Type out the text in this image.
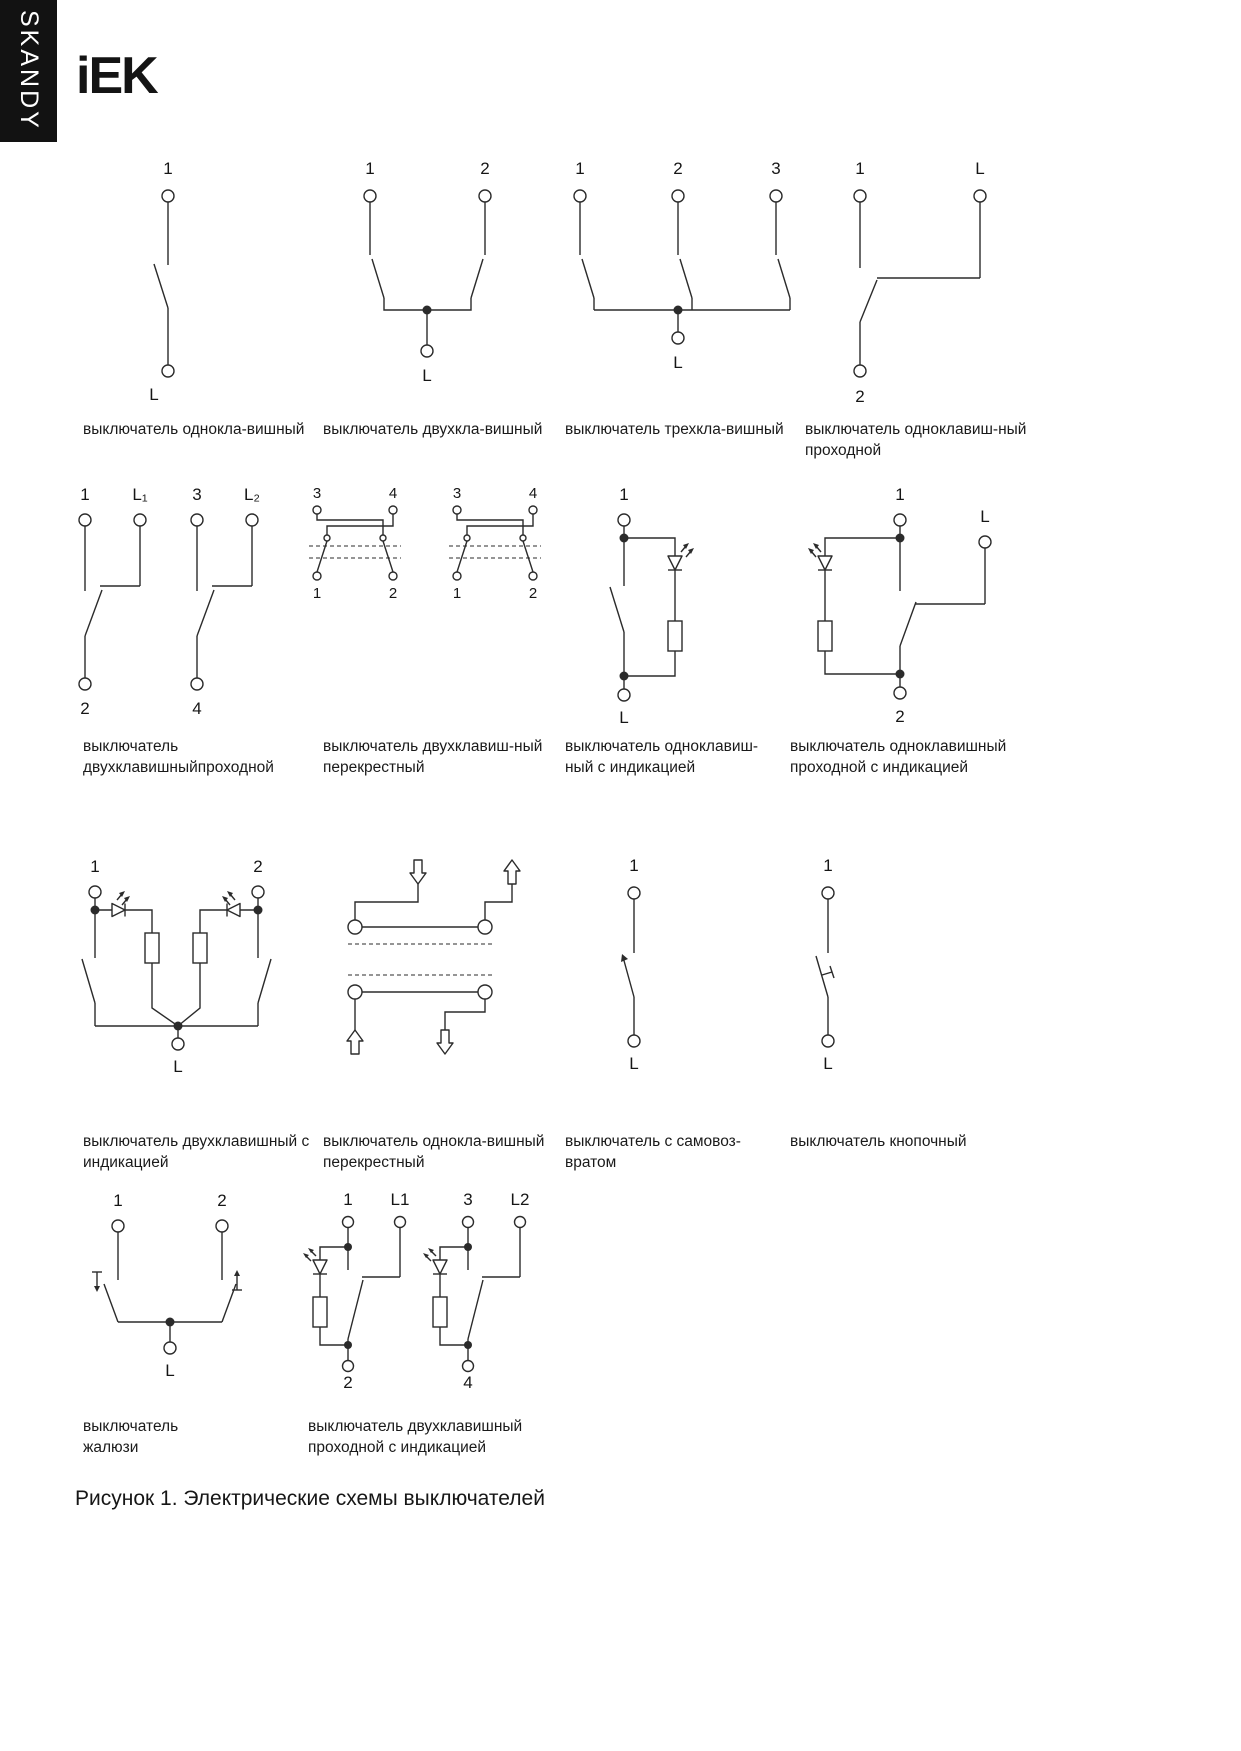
SKANDY iEK
1
L
1	2
L
1	2	3
L
1	L
2
выключатель однокла-вишный выключатель двухкла-вишный выключатель трехкла-вишный выключатель одноклавиш-ный
проходной
1	L₁	3 L₂
2	4
3	4
1	2
3	4
1	2
1
L
1
L
2
выключатель
двухклавишныйпроходной
выключатель двухклавиш-ный
перекрестный
выключатель одноклавиш-
ный с индикацией
выключатель одноклавишный
проходной с индикацией
1	2
L
1
L
1
L
выключатель двухклавишный с
индикацией
выключатель однокла-вишный
перекрестный
выключатель с самовоз-
вратом
выключатель кнопочный
1	2
L
1 L1
2
3 L2
4
выключатель
жалюзи
выключатель двухклавишный
проходной с индикацией
Рисунок 1. Электрические схемы выключателей
